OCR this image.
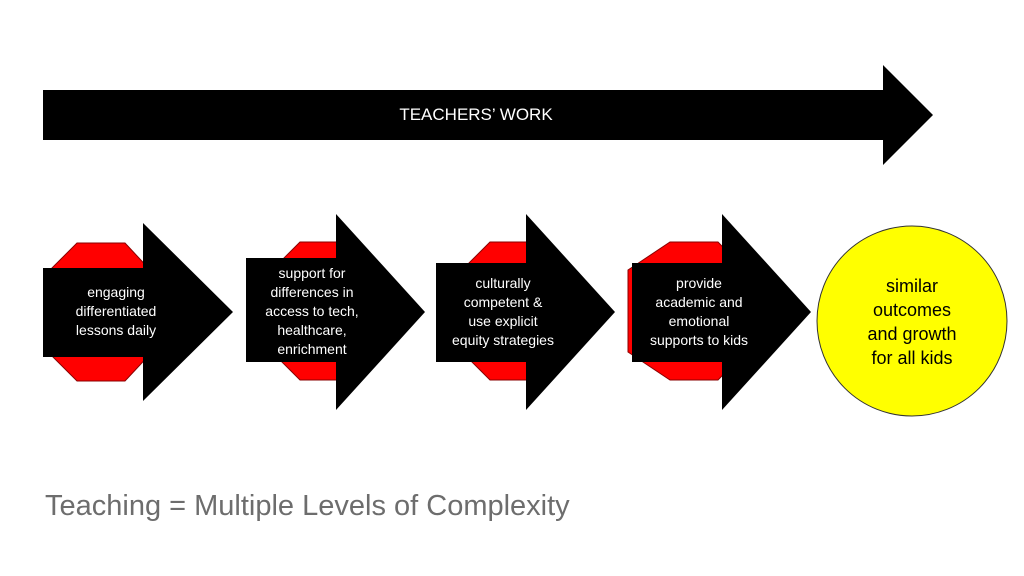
TEACHERS’ WORK
engaging
differentiated
lessons daily
support for
differences in
access to tech,
healthcare,
enrichment
culturally
competent &
use explicit
equity strategies
provide
academic and
emotional
supports to kids
similar
outcomes
and growth
for all kids
Teaching = Multiple Levels of Complexity
